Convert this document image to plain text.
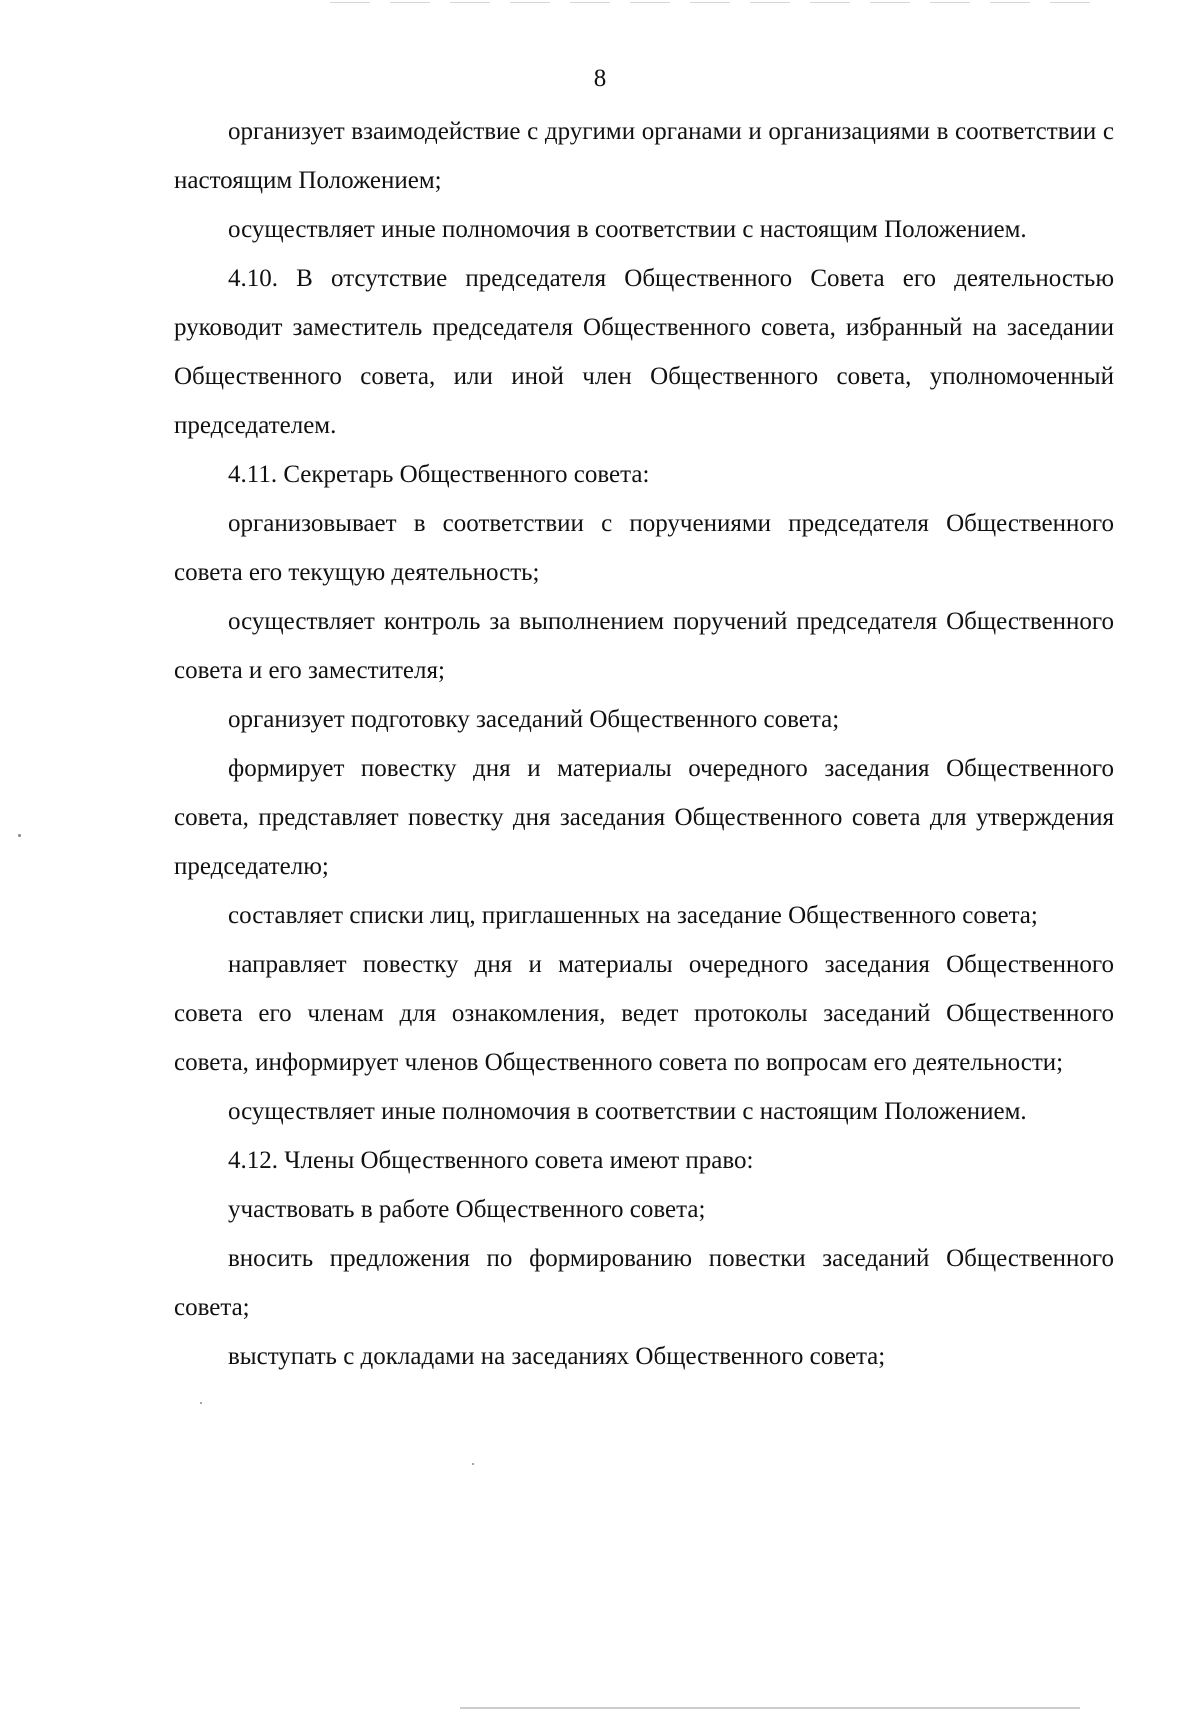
8

организует взаимодействие с другими органами и организациями в соответствии с настоящим Положением;

осуществляет иные полномочия в соответствии с настоящим Положением.

4.10. В отсутствие председателя Общественного Совета его деятельностью руководит заместитель председателя Общественного совета, избранный на заседании Общественного совета, или иной член Общественного совета, уполномоченный председателем.

4.11. Секретарь Общественного совета:

организовывает в соответствии с поручениями председателя Общественного совета его текущую деятельность;

осуществляет контроль за выполнением поручений председателя Общественного совета и его заместителя;

организует подготовку заседаний Общественного совета;

формирует повестку дня и материалы очередного заседания Общественного совета, представляет повестку дня заседания Общественного совета для утверждения председателю;

составляет списки лиц, приглашенных на заседание Общественного совета;

направляет повестку дня и материалы очередного заседания Общественного совета его членам для ознакомления, ведет протоколы заседаний Общественного совета, информирует членов Общественного совета по вопросам его деятельности;

осуществляет иные полномочия в соответствии с настоящим Положением.

4.12. Члены Общественного совета имеют право:

участвовать в работе Общественного совета;

вносить предложения по формированию повестки заседаний Общественного совета;

выступать с докладами на заседаниях Общественного совета;
